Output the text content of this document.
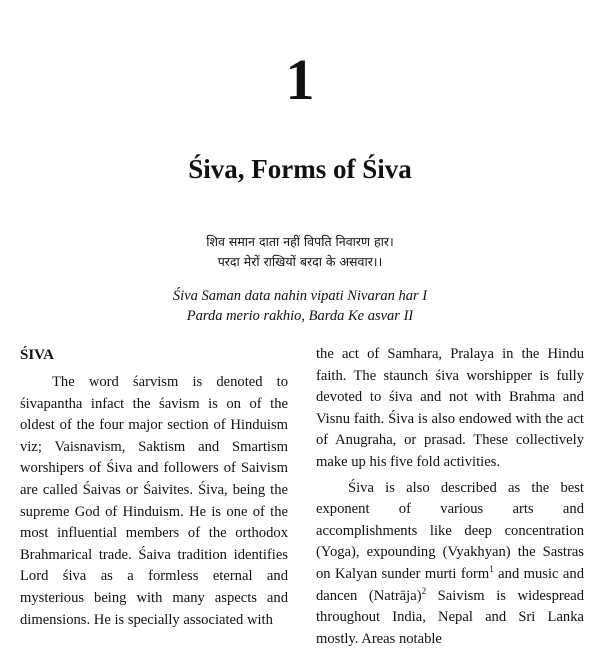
1
Śiva, Forms of Śiva
शिव समान दाता नहीं विपति निवारण हार।
परदा मेरों राखियों बरदा के असवार।।
Śiva Saman data nahin vipati Nivaran har I
Parda merio rakhio, Barda Ke asvar II
ŚIVA

The word śarvism is denoted to śivapantha infact the śavism is on of the oldest of the four major section of Hinduism viz; Vaisnavism, Saktism and Smartism worshipers of Śiva and followers of Saivism are called Śaivas or Śaivites. Śiva, being the supreme God of Hinduism. He is one of the most influential members of the orthodox Brahmarical trade. Śaiva tradition identifies Lord śiva as a formless eternal and mysterious being with many aspects and dimensions. He is specially associated with

the act of Samhara, Pralaya in the Hindu faith. The staunch śiva worshipper is fully devoted to śiva and not with Brahma and Visnu faith. Śiva is also endowed with the act of Anugraha, or prasad. These collectively make up his five fold activities.

Śiva is also described as the best exponent of various arts and accomplishments like deep concentration (Yoga), expounding (Vyakhyan) the Sastras on Kalyan sunder murti form$^1$ and music and dancen (Natrāja)$^2$ Saivism is widespread throughout India, Nepal and Sri Lanka mostly. Areas notable
